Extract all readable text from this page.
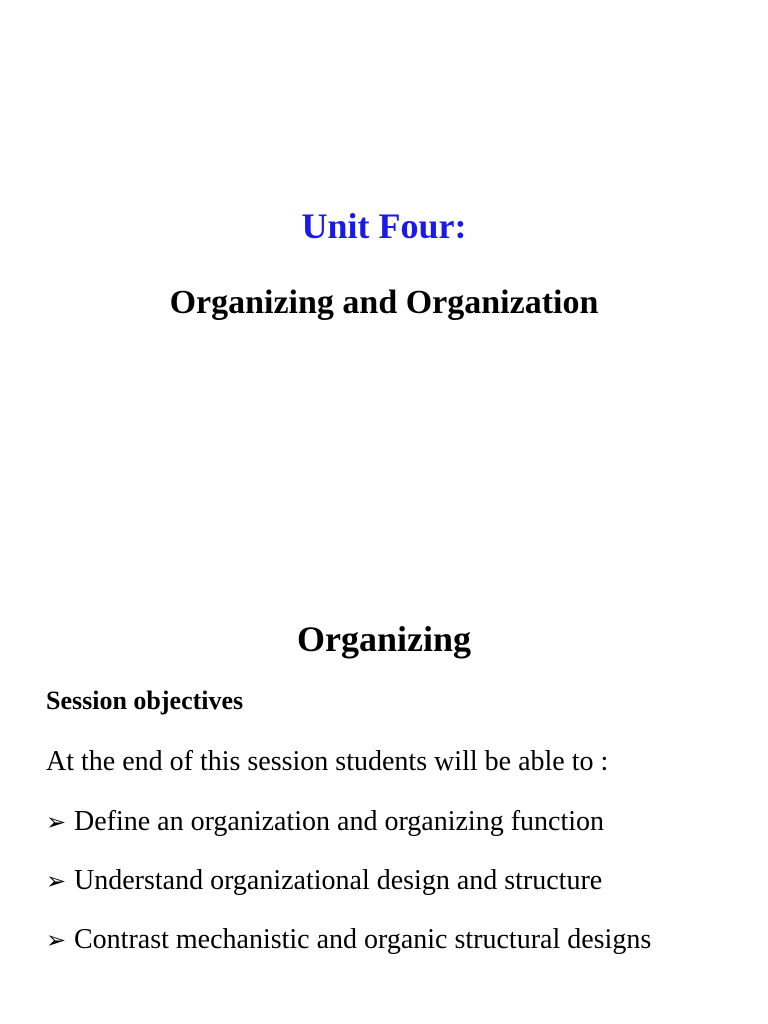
Unit Four:
Organizing and Organization
Organizing
Session objectives
At the end of this session students will be able to :
➢ Define an organization and organizing function
➢ Understand organizational design and structure
➢ Contrast mechanistic and organic structural designs
